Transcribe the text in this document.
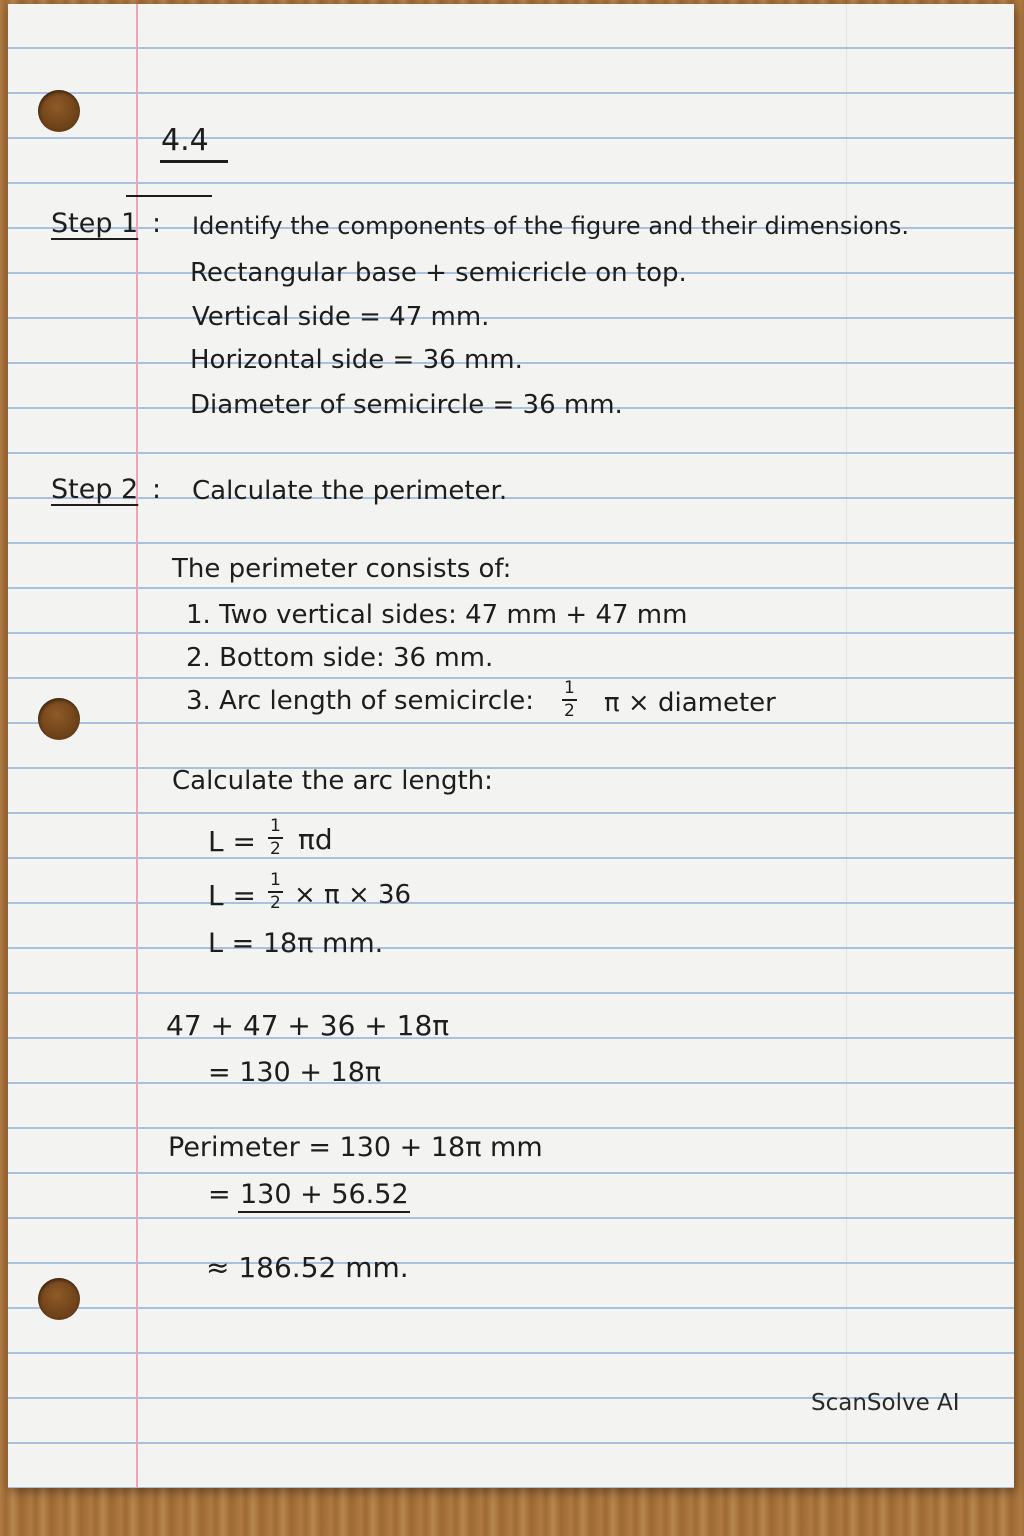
4.4
Step 1 : Identify the components of the figure and their dimensions.
Rectangular base + semicricle on top.
Vertical side = 47 mm.
Horizontal side = 36 mm.
Diameter of semicircle = 36 mm.
Step 2 : Calculate the perimeter.
The perimeter consists of:
1. Two vertical sides: 47 mm + 47 mm
2. Bottom side: 36 mm.
3. Arc length of semicircle: $\frac{1}{2}$ π × diameter
Calculate the arc length:
$L = \frac{1}{2}$ πd
$L = \frac{1}{2} \times \pi \times 36$
L = 18π mm.
47 + 47 + 36 + 18π
= 130 + 18π
Perimeter = 130 + 18π mm
= 130 + 56.52
≈ 186.52 mm.
ScanSolve AI
